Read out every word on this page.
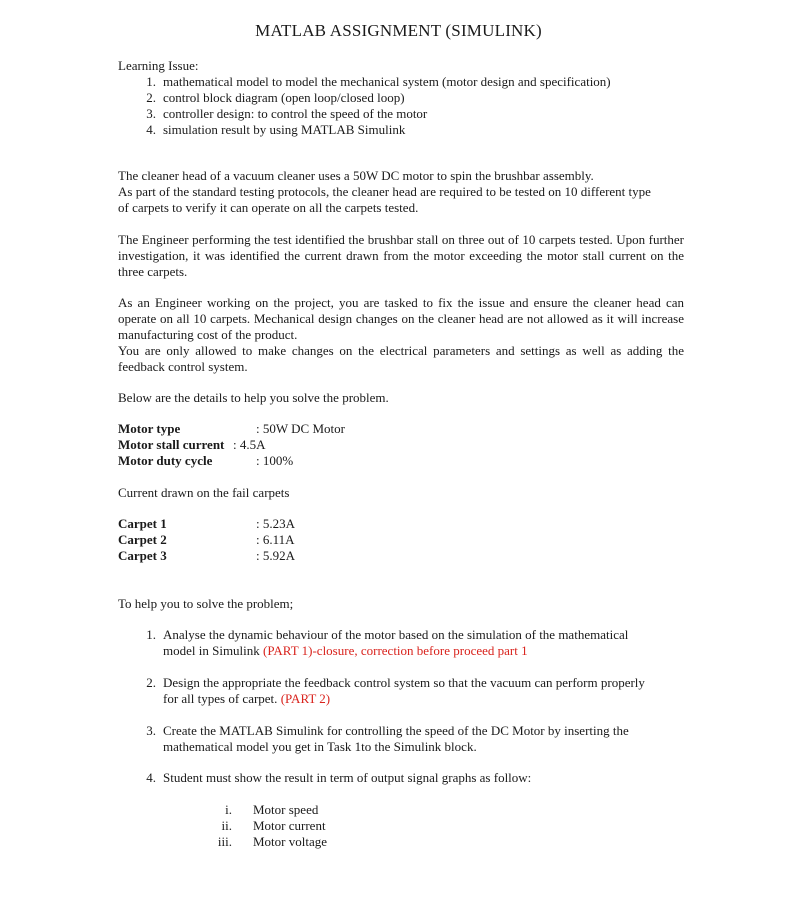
MATLAB ASSIGNMENT (SIMULINK)
Learning Issue:
1. mathematical model to model the mechanical system (motor design and specification)
2. control block diagram (open loop/closed loop)
3. controller design: to control the speed of the motor
4. simulation result by using MATLAB Simulink
The cleaner head of a vacuum cleaner uses a 50W DC motor to spin the brushbar assembly.
As part of the standard testing protocols, the cleaner head are required to be tested on 10 different type
of carpets to verify it can operate on all the carpets tested.
The Engineer performing the test identified the brushbar stall on three out of 10 carpets tested. Upon further investigation, it was identified the current drawn from the motor exceeding the motor stall current on the three carpets.
As an Engineer working on the project, you are tasked to fix the issue and ensure the cleaner head can operate on all 10 carpets. Mechanical design changes on the cleaner head are not allowed as it will increase manufacturing cost of the product.
You are only allowed to make changes on the electrical parameters and settings as well as adding the feedback control system.
Below are the details to help you solve the problem.
Motor type	: 50W DC Motor
Motor stall current : 4.5A
Motor duty cycle	: 100%
Current drawn on the fail carpets
Carpet 1	: 5.23A
Carpet 2	: 6.11A
Carpet 3	: 5.92A
To help you to solve the problem;
1. Analyse the dynamic behaviour of the motor based on the simulation of the mathematical
model in Simulink (PART 1)-closure, correction before proceed part 1
2. Design the appropriate the feedback control system so that the vacuum can perform properly
for all types of carpet. (PART 2)
3. Create the MATLAB Simulink for controlling the speed of the DC Motor by inserting the
mathematical model you get in Task 1to the Simulink block.
4. Student must show the result in term of output signal graphs as follow:
i. Motor speed
ii. Motor current
iii. Motor voltage
